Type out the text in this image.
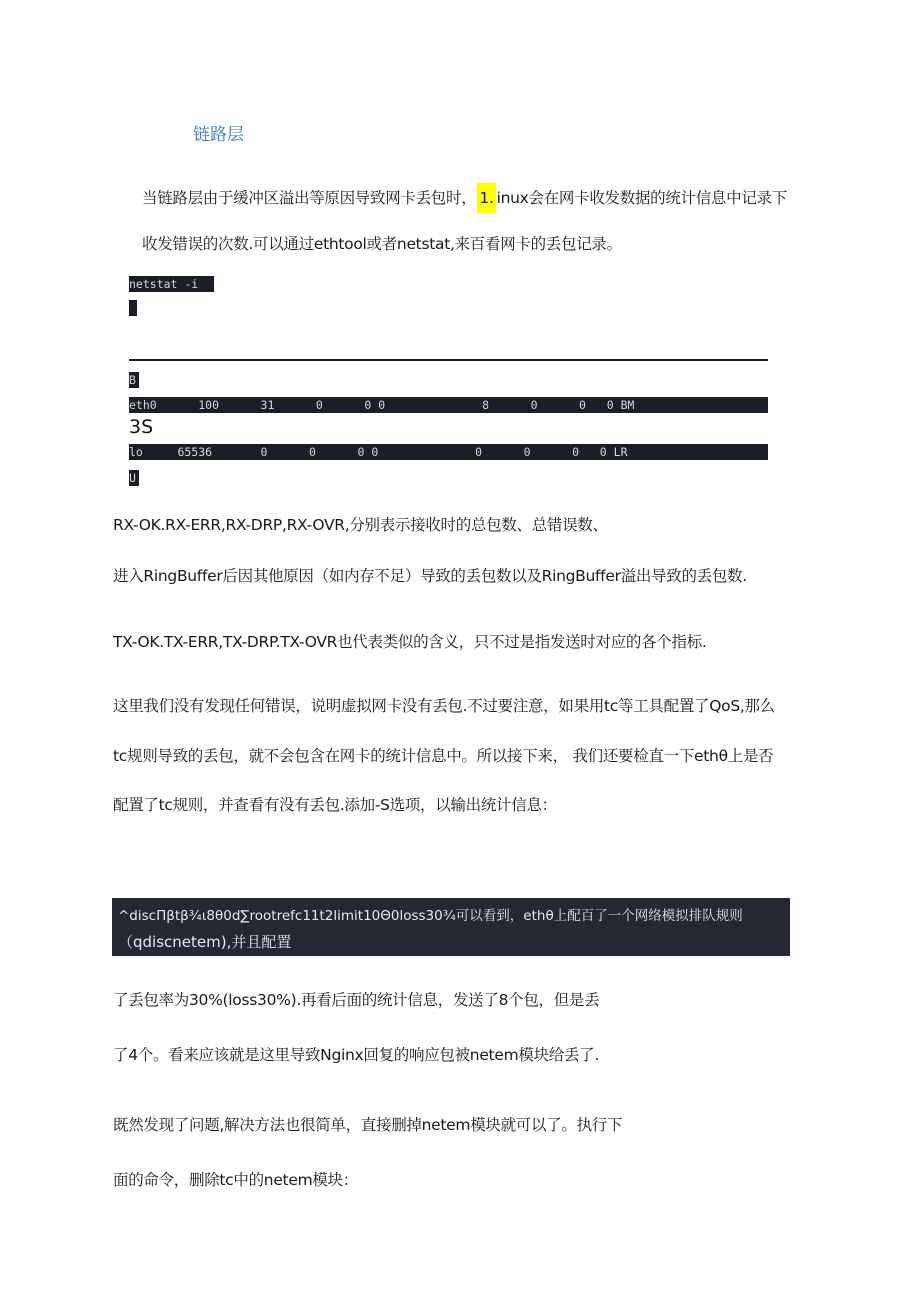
链路层
当链路层由于缓冲区溢出等原因导致网卡丢包时， 1. inux会在网卡收发数据的统计信息中记录下
收发错误的次数.可以通过ethtool或者netstat,来百看网卡的丢包记录。
netstat -i
B
eth0      100      31      0      0 0              8      0      0   0 BM
3S
lo     65536       0      0      0 0              0      0      0   0 LR
U
RX-OK.RX-ERR,RX-DRP,RX-OVR,分别表示接收时的总包数、总错误数、
进入RingBuffer后因其他原因（如内存不足）导致的丢包数以及RingBuffer溢出导致的丢包数.
TX-OK.TX-ERR,TX-DRP.TX-OVR也代表类似的含义，只不过是指发送时对应的各个指标.
这里我们没有发现任何错误，说明虚拟网卡没有丢包.不过要注意，如果用tc等工具配置了QoS,那么
tc规则导致的丢包，就不会包含在网卡的统计信息中。所以接下来， 我们还要检直一下ethθ上是否
配置了tc规则，并查看有没有丢包.添加-S选项，以输出统计信息：
^discΠβtβ¾ι8θ0d∑rootrefc11t2limit10Θ0loss30¾可以看到，ethθ上配百了一个网络模拟排队规则
（qdiscnetem),并且配置
了丢包率为30%(loss30%).再看后面的统计信息，发送了8个包，但是丢
了4个。看来应该就是这里导致Nginx回复的响应包被netem模块给丢了.
既然发现了问题,解决方法也很简单，直接删掉netem模块就可以了。执行下
面的命令，删除tc中的netem模块：
